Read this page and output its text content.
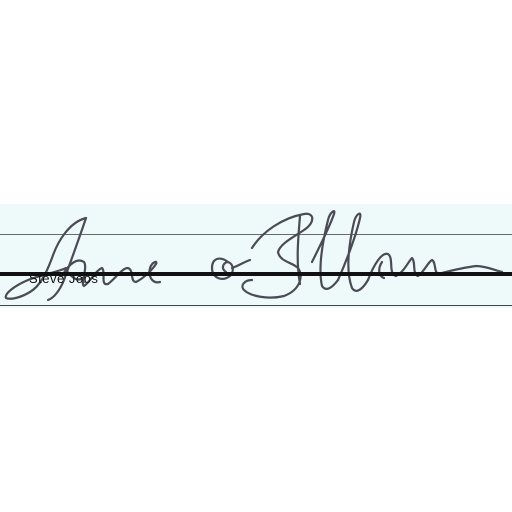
Steve Jobs
